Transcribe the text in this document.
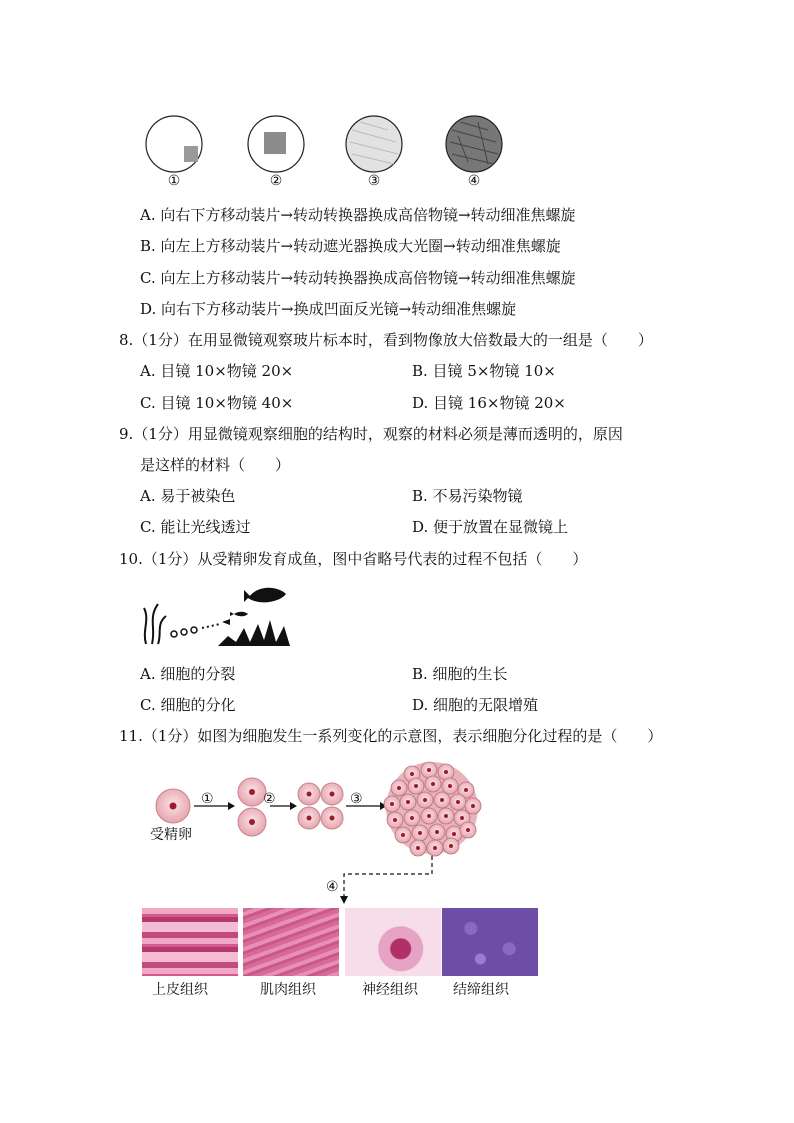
①	②	③	④
A. 向右下方移动装片→转动转换器换成高倍物镜→转动细准焦螺旋
B. 向左上方移动装片→转动遮光器换成大光圈→转动细准焦螺旋
C. 向左上方移动装片→转动转换器换成高倍物镜→转动细准焦螺旋
D. 向右下方移动装片→换成凹面反光镜→转动细准焦螺旋
8.（1分）在用显微镜观察玻片标本时，看到物像放大倍数最大的一组是（　　）
A. 目镜 10×物镜 20×	B. 目镜 5×物镜 10×
C. 目镜 10×物镜 40×	D. 目镜 16×物镜 20×
9.（1分）用显微镜观察细胞的结构时，观察的材料必须是薄而透明的，原因
是这样的材料（　　）
A. 易于被染色	B. 不易污染物镜
C. 能让光线透过	D. 便于放置在显微镜上
10.（1分）从受精卵发育成鱼，图中省略号代表的过程不包括（　　）
A. 细胞的分裂	B. 细胞的生长
C. 细胞的分化	D. 细胞的无限增殖
11.（1分）如图为细胞发生一系列变化的示意图，表示细胞分化过程的是（　　）
①	②	③
④
受精卵
上皮组织	肌肉组织	神经组织	结缔组织
